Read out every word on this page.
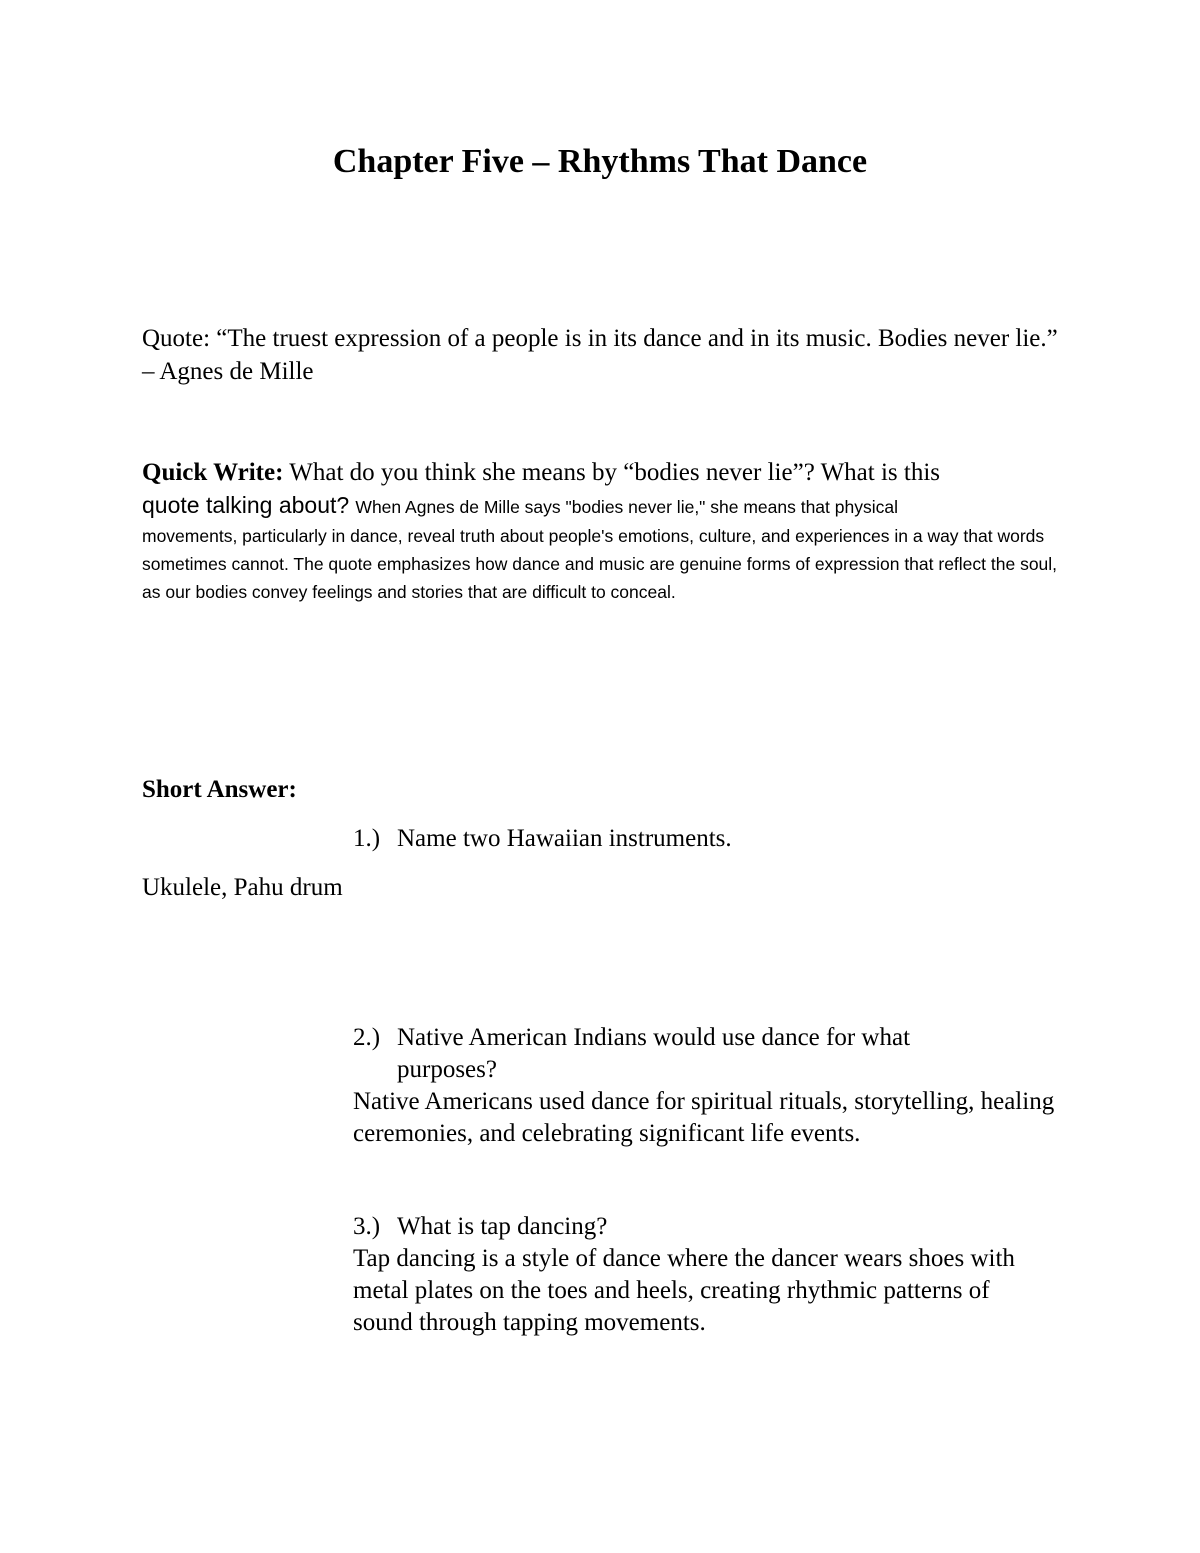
Chapter Five – Rhythms That Dance

Quote: “The truest expression of a people is in its dance and in its music. Bodies never lie.” – Agnes de Mille

Quick Write: What do you think she means by “bodies never lie”? What is this
quote talking about? When Agnes de Mille says "bodies never lie," she means that physical
movements, particularly in dance, reveal truth about people's emotions, culture, and experiences in a way that words sometimes cannot. The quote emphasizes how dance and music are genuine forms of expression that reflect the soul, as our bodies convey feelings and stories that are difficult to conceal.

Short Answer:

1.) Name two Hawaiian instruments.

Ukulele, Pahu drum

2.) Native American Indians would use dance for what
purposes?

Native Americans used dance for spiritual rituals, storytelling, healing ceremonies, and celebrating significant life events.

3.) What is tap dancing?

Tap dancing is a style of dance where the dancer wears shoes with metal plates on the toes and heels, creating rhythmic patterns of sound through tapping movements.
